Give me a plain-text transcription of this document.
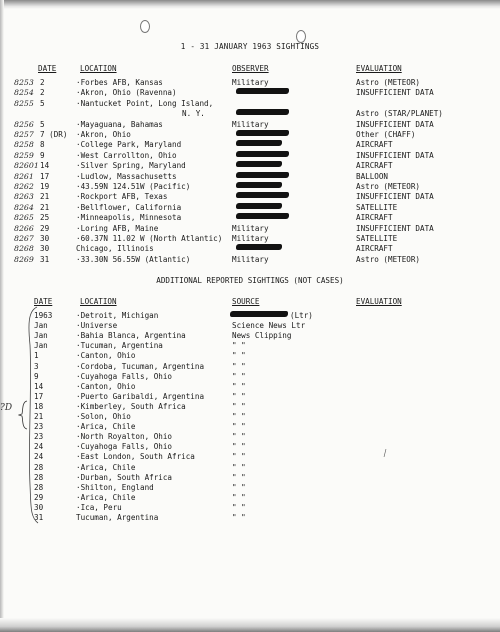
1 - 31 JANUARY 1963 SIGHTINGS
DATE	LOCATION	OBSERVER	EVALUATION
8253 2	·Forbes AFB, Kansas	Military	Astro (METEOR)
8254 2	·Akron, Ohio (Ravenna)	INSUFFICIENT DATA
8255 5	·Nantucket Point, Long Island,
N. Y.	Astro (STAR/PLANET)
8256 5	·Mayaguana, Bahamas	Military	INSUFFICIENT DATA
8257 7 (DR) ·Akron, Ohio	Other (CHAFF)
8258 8	·College Park, Maryland	AIRCRAFT
8259 9	·West Carrollton, Ohio	INSUFFICIENT DATA
82601 14	·Silver Spring, Maryland	AIRCRAFT
8261 17	·Ludlow, Massachusetts	BALLOON
8262 19	·43.59N 124.51W (Pacific)	Astro (METEOR)
8263 21	·Rockport AFB, Texas	INSUFFICIENT DATA
8264 21	·Bellflower, California	SATELLITE
8265 25	·Minneapolis, Minnesota	AIRCRAFT
8266 29	·Loring AFB, Maine	Military	INSUFFICIENT DATA
8267 30	·60.37N 11.02 W (North Atlantic) Military	SATELLITE
8268 30	Chicago, Illinois	AIRCRAFT
8269 31	·33.30N 56.55W (Atlantic)	Military	Astro (METEOR)
ADDITIONAL REPORTED SIGHTINGS (NOT CASES)
DATE	LOCATION	SOURCE	EVALUATION
1963	·Detroit, Michigan	(Ltr)
Jan	·Universe	Science News Ltr
Jan	·Bahia Blanca, Argentina	News Clipping
Jan	·Tucuman, Argentina	" "
1	·Canton, Ohio	" "
3	·Cordoba, Tucuman, Argentina	" "
9	·Cuyahoga Falls, Ohio	" "
14	·Canton, Ohio	" "
17	·Puerto Garibaldi, Argentina	" "
18	·Kimberley, South Africa	" "
21	·Solon, Ohio	" "
23	·Arica, Chile	" "
23	·North Royalton, Ohio	" "
24	·Cuyahoga Falls, Ohio	" "
24	·East London, South Africa	" "
28	·Arica, Chile	" "
28	·Durban, South Africa	" "
28	·Shilton, England	" "
29	·Arica, Chile	" "
30	·Ica, Peru	" "
31	Tucuman, Argentina	" "
?D
